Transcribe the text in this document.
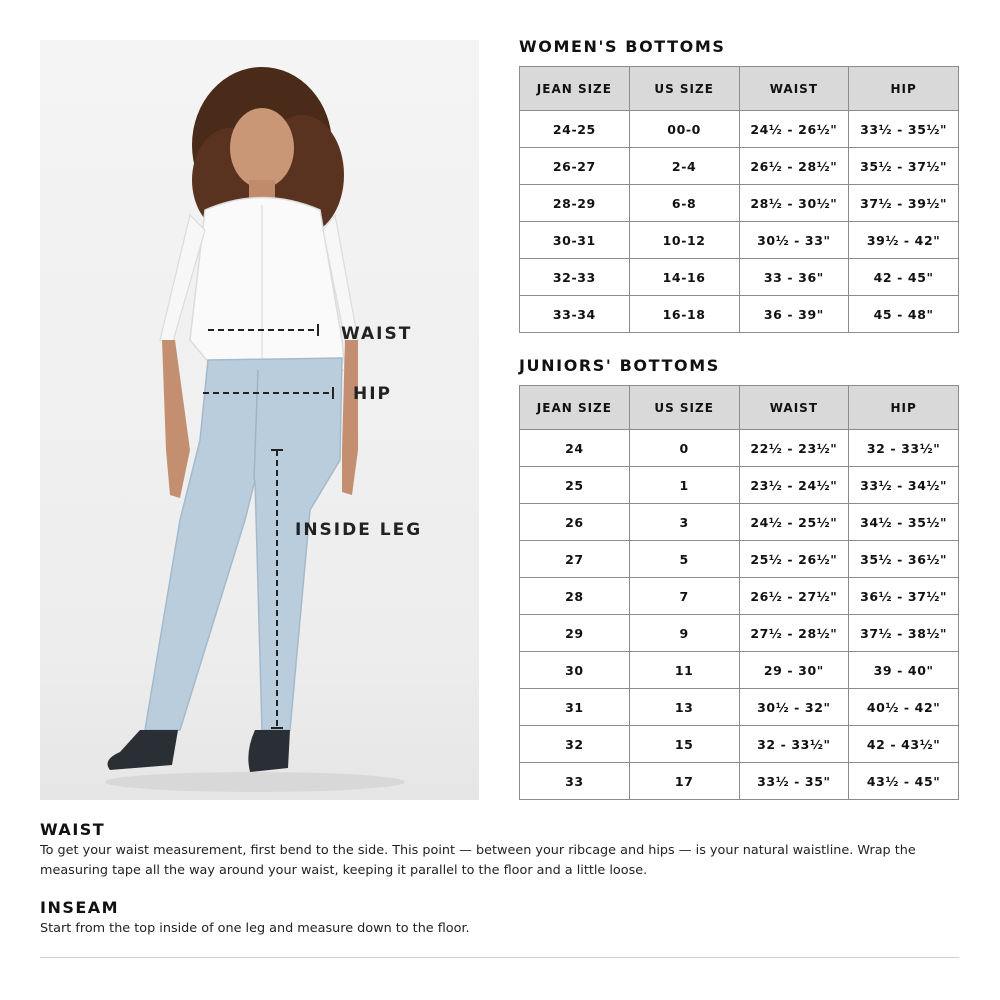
WAIST
HIP
INSIDE LEG
WOMEN'S BOTTOMS
JEAN SIZE	US SIZE	WAIST	HIP
24-25	00-0	24½ - 26½"	33½ - 35½"
26-27	2-4	26½ - 28½"	35½ - 37½"
28-29	6-8	28½ - 30½"	37½ - 39½"
30-31	10-12	30½ - 33"	39½ - 42"
32-33	14-16	33 - 36"	42 - 45"
33-34	16-18	36 - 39"	45 - 48"
JUNIORS' BOTTOMS
JEAN SIZE	US SIZE	WAIST	HIP
24	0	22½ - 23½"	32 - 33½"
25	1	23½ - 24½"	33½ - 34½"
26	3	24½ - 25½"	34½ - 35½"
27	5	25½ - 26½"	35½ - 36½"
28	7	26½ - 27½"	36½ - 37½"
29	9	27½ - 28½"	37½ - 38½"
30	11	29 - 30"	39 - 40"
31	13	30½ - 32"	40½ - 42"
32	15	32 - 33½"	42 - 43½"
33	17	33½ - 35"	43½ - 45"
WAIST
To get your waist measurement, first bend to the side. This point — between your ribcage and hips — is your natural waistline. Wrap the measuring tape all the way around your waist, keeping it parallel to the floor and a little loose.
INSEAM
Start from the top inside of one leg and measure down to the floor.
